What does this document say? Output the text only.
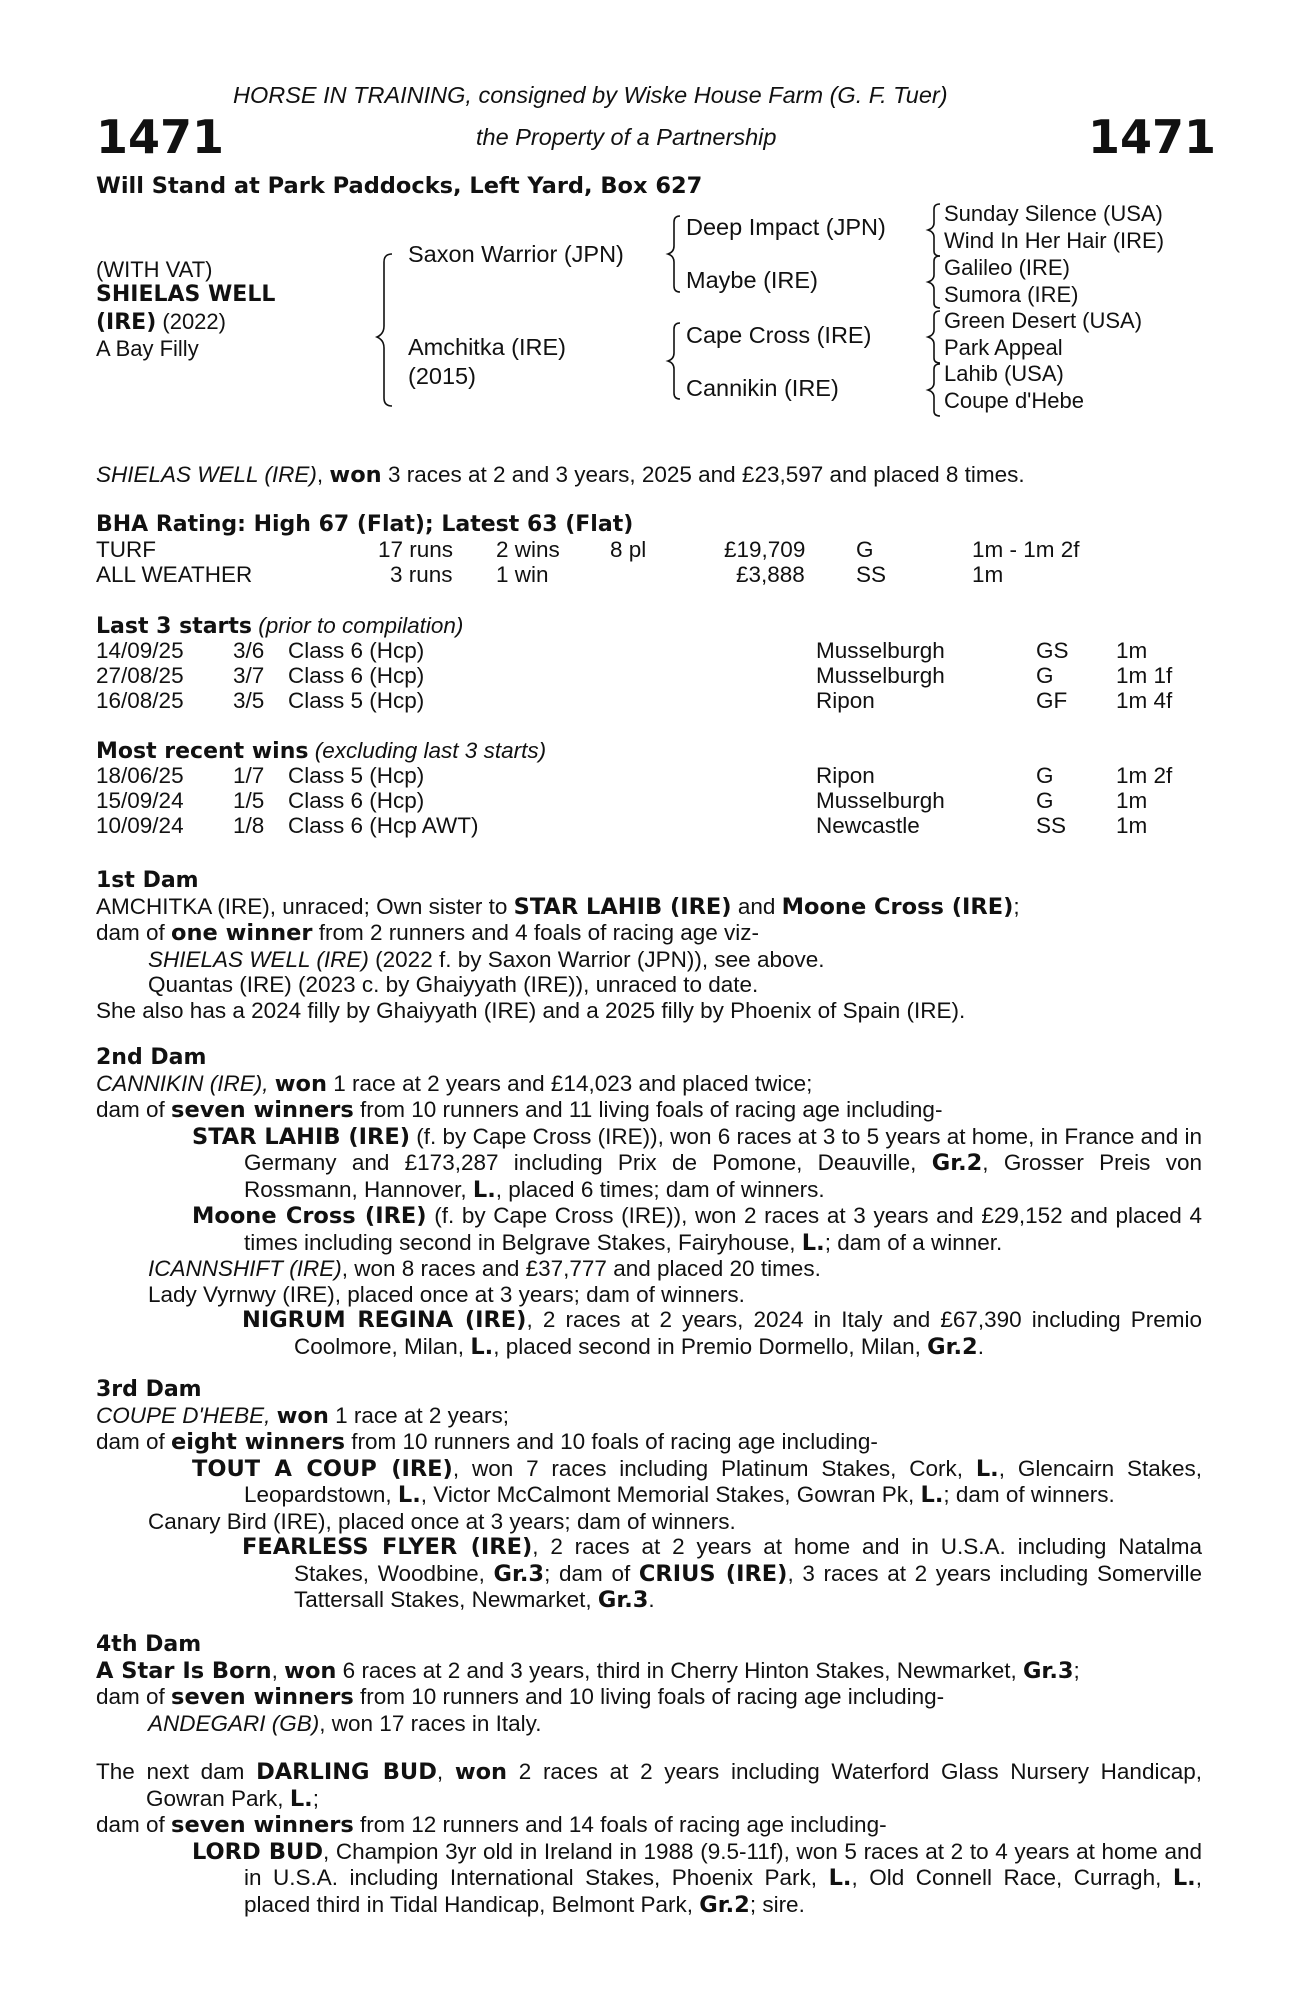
HORSE IN TRAINING, consigned by Wiske House Farm (G. F. Tuer)
1471	1471
the Property of a Partnership
Will Stand at Park Paddocks, Left Yard, Box 627
(WITH VAT)
SHIELAS WELL
(IRE) (2022)
A Bay Filly
Saxon Warrior (JPN)
Amchitka (IRE)
(2015)
Deep Impact (JPN)
Maybe (IRE)
Cape Cross (IRE)
Cannikin (IRE)
Sunday Silence (USA)
Wind In Her Hair (IRE)
Galileo (IRE)
Sumora (IRE)
Green Desert (USA)
Park Appeal
Lahib (USA)
Coupe d'Hebe
SHIELAS WELL (IRE), won 3 races at 2 and 3 years, 2025 and £23,597 and placed 8 times.
BHA Rating: High 67 (Flat); Latest 63 (Flat)
TURF	17 runs 2 wins 8 pl	£19,709 G	1m - 1m 2f
ALL WEATHER	3 runs 1 win	£3,888 SS	1m
Last 3 starts (prior to compilation)
14/09/25 3/6 Class 6 (Hcp)	Musselburgh	GS 1m
27/08/25 3/7 Class 6 (Hcp)	Musselburgh	G	1m 1f
16/08/25 3/5 Class 5 (Hcp)	Ripon	GF 1m 4f
Most recent wins (excluding last 3 starts)
18/06/25 1/7 Class 5 (Hcp)	Ripon	G	1m 2f
15/09/24 1/5 Class 6 (Hcp)	Musselburgh	G	1m
10/09/24 1/8 Class 6 (Hcp AWT)	Newcastle	SS 1m

1st Dam

AMCHITKA (IRE), unraced; Own sister to STAR LAHIB (IRE) and Moone Cross (IRE);

dam of one winner from 2 runners and 4 foals of racing age viz-

SHIELAS WELL (IRE) (2022 f. by Saxon Warrior (JPN)), see above.

Quantas (IRE) (2023 c. by Ghaiyyath (IRE)), unraced to date.

She also has a 2024 filly by Ghaiyyath (IRE) and a 2025 filly by Phoenix of Spain (IRE).

2nd Dam

CANNIKIN (IRE), won 1 race at 2 years and £14,023 and placed twice;

dam of seven winners from 10 runners and 11 living foals of racing age including-

STAR LAHIB (IRE) (f. by Cape Cross (IRE)), won 6 races at 3 to 5 years at home, in France and in Germany and £173,287 including Prix de Pomone, Deauville, Gr.2, Grosser Preis von Rossmann, Hannover, L., placed 6 times; dam of winners.

Moone Cross (IRE) (f. by Cape Cross (IRE)), won 2 races at 3 years and £29,152 and placed 4 times including second in Belgrave Stakes, Fairyhouse, L.; dam of a winner.

ICANNSHIFT (IRE), won 8 races and £37,777 and placed 20 times.

Lady Vyrnwy (IRE), placed once at 3 years; dam of winners.

NIGRUM REGINA (IRE), 2 races at 2 years, 2024 in Italy and £67,390 including Premio Coolmore, Milan, L., placed second in Premio Dormello, Milan, Gr.2.

3rd Dam

COUPE D'HEBE, won 1 race at 2 years;

dam of eight winners from 10 runners and 10 foals of racing age including-

TOUT A COUP (IRE), won 7 races including Platinum Stakes, Cork, L., Glencairn Stakes, Leopardstown, L., Victor McCalmont Memorial Stakes, Gowran Pk, L.; dam of winners.

Canary Bird (IRE), placed once at 3 years; dam of winners.

FEARLESS FLYER (IRE), 2 races at 2 years at home and in U.S.A. including Natalma Stakes, Woodbine, Gr.3; dam of CRIUS (IRE), 3 races at 2 years including Somerville Tattersall Stakes, Newmarket, Gr.3.

4th Dam

A Star Is Born, won 6 races at 2 and 3 years, third in Cherry Hinton Stakes, Newmarket, Gr.3;

dam of seven winners from 10 runners and 10 living foals of racing age including-

ANDEGARI (GB), won 17 races in Italy.

The next dam DARLING BUD, won 2 races at 2 years including Waterford Glass Nursery Handicap, Gowran Park, L.;

dam of seven winners from 12 runners and 14 foals of racing age including-

LORD BUD, Champion 3yr old in Ireland in 1988 (9.5-11f), won 5 races at 2 to 4 years at home and in U.S.A. including International Stakes, Phoenix Park, L., Old Connell Race, Curragh, L., placed third in Tidal Handicap, Belmont Park, Gr.2; sire.
